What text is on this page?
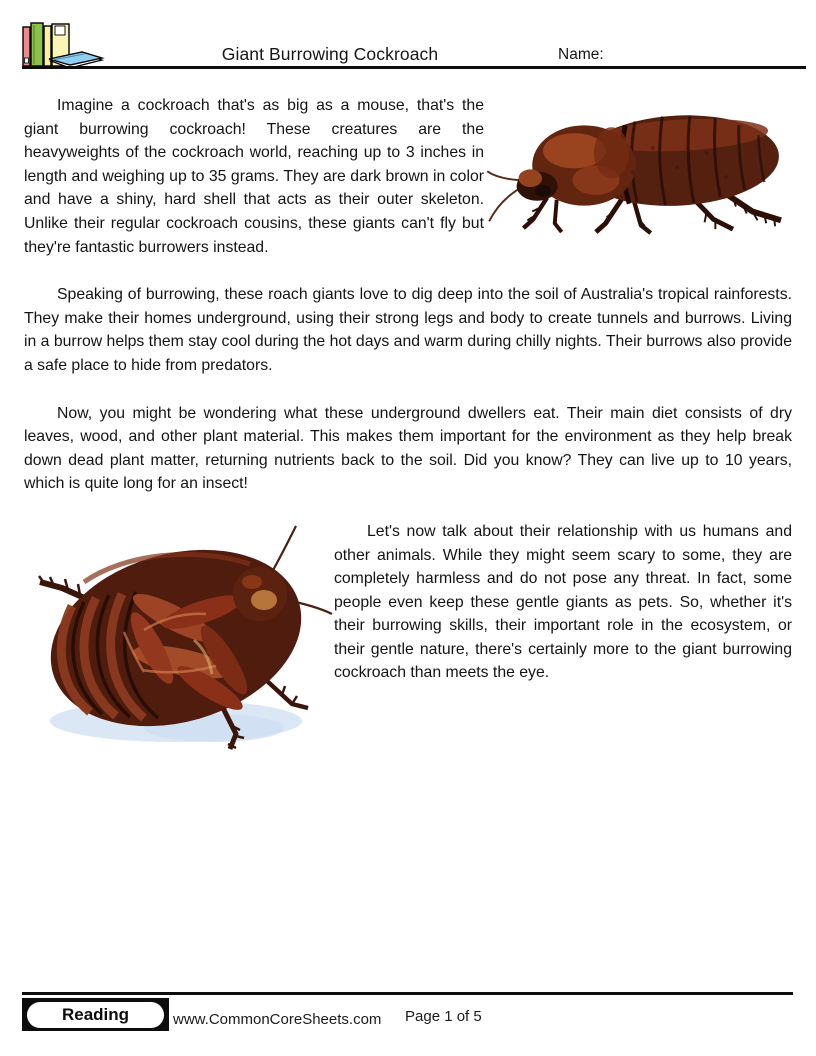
Giant Burrowing Cockroach	Name:

Imagine a cockroach that's as big as a mouse, that's the giant burrowing cockroach! These creatures are the heavyweights of the cockroach world, reaching up to 3 inches in length and weighing up to 35 grams. They are dark brown in color and have a shiny, hard shell that acts as their outer skeleton. Unlike their regular cockroach cousins, these giants can't fly but they're fantastic burrowers instead.

Speaking of burrowing, these roach giants love to dig deep into the soil of Australia's tropical rainforests. They make their homes underground, using their strong legs and body to create tunnels and burrows. Living in a burrow helps them stay cool during the hot days and warm during chilly nights. Their burrows also provide a safe place to hide from predators.

Now, you might be wondering what these underground dwellers eat. Their main diet consists of dry leaves, wood, and other plant material. This makes them important for the environment as they help break down dead plant matter, returning nutrients back to the soil. Did you know? They can live up to 10 years, which is quite long for an insect!

Let's now talk about their relationship with us humans and other animals. While they might seem scary to some, they are completely harmless and do not pose any threat. In fact, some people even keep these gentle giants as pets. So, whether it's their burrowing skills, their important role in the ecosystem, or their gentle nature, there's certainly more to the giant burrowing cockroach than meets the eye.

Reading	www.CommonCoreSheets.com Page 1 of 5
